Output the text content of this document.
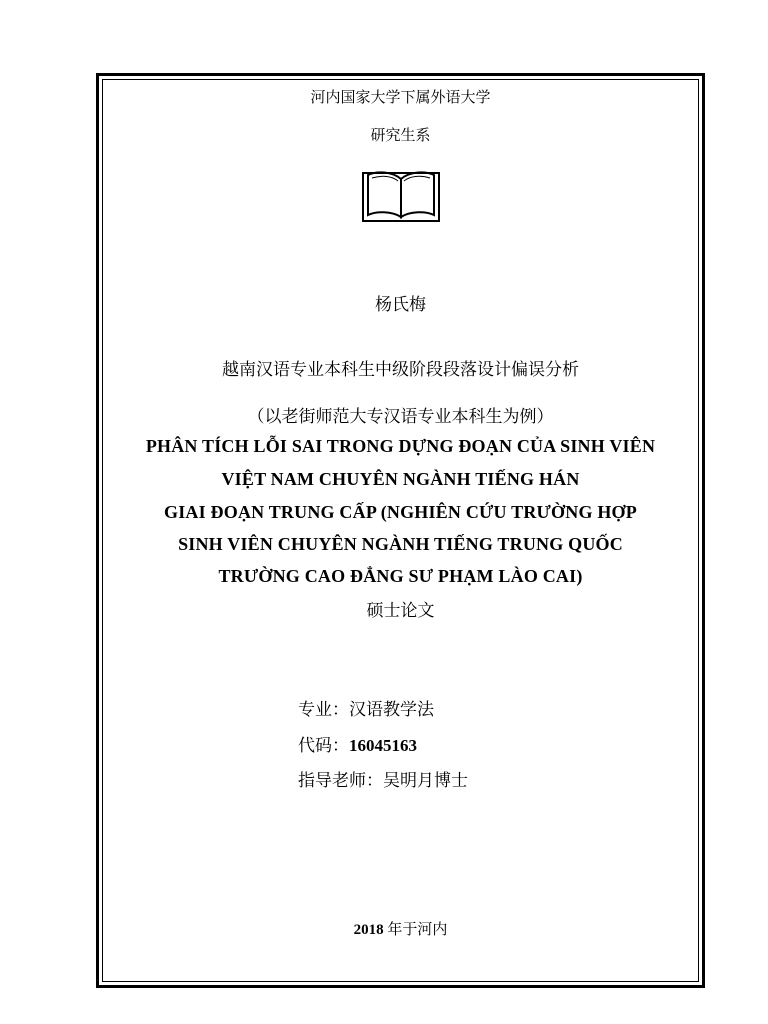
河内国家大学下属外语大学
研究生系
杨氏梅
越南汉语专业本科生中级阶段段落设计偏误分析
（以老街师范大专汉语专业本科生为例）
PHÂN TÍCH LỖI SAI TRONG DỰNG ĐOẠN CỦA SINH VIÊN
VIỆT NAM CHUYÊN NGÀNH TIẾNG HÁN
GIAI ĐOẠN TRUNG CẤP (NGHIÊN CỨU TRƯỜNG HỢP
SINH VIÊN CHUYÊN NGÀNH TIẾNG TRUNG QUỐC
TRƯỜNG CAO ĐẲNG SƯ PHẠM LÀO CAI)
硕士论文
专业：汉语教学法
代码：16045163
指导老师：吴明月博士
2018 年于河内
